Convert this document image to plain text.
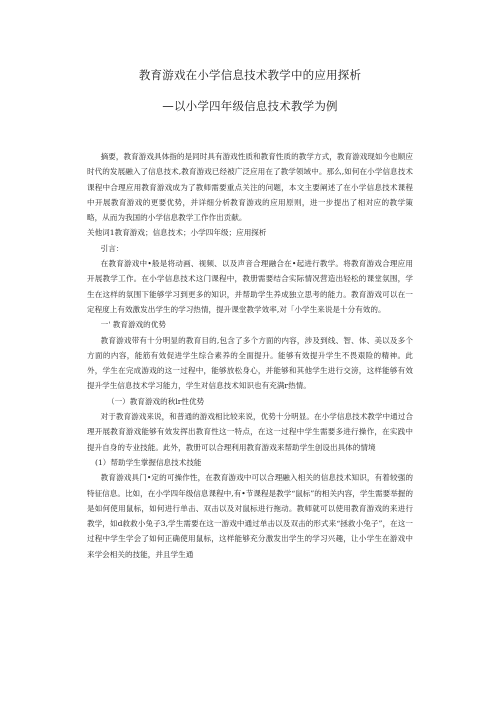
教育游戏在小学信息技术教学中的应用探析
—以小学四年级信息技术教学为例

摘要，教育游戏具体指的是同时具有游戏性质和教育性质的教学方式，教育游戏现如今也顺应时代的发展融入了信息技术,教育游戏已经被广泛应用在了教学领域中。那么,如何在小学信息技术课程中合理应用教育游戏成为了教师需要重点关注的问题，本文主要阐述了在小学信息技术课程中开展教育游戏的更要优势，并详细分析教育游戏的应用原则，进一步提出了相对应的教学策略，从而为我国的小学信息教学工作作出贡献。

关他词1教育游戏；信息技术；小学四年级；应用探析

引言：

在教育游戏中•般是将动画、视频、以及声音合理融合在•起进行教学。将教育游戏合理应用开展教学工作。在小学信息技术这门课程中，教册需要结合实际情况营造出轻松的课堂氛围，学生在这样的氛围下能够学习到更多的知识，并帮助学生养成独立思考的能力。教育游戏可以在一定程度上有效激发出学生的学习热情，提升课堂教学效率,对「小学生来说是十分有效的。

一' 教育游戏的优势

教育游戏带有十分明显的教育目的,包含了多个方面的内容，涉及到线、智、体、美以及多个方面的内容，能筋有效促进学生综合素养的全面提升。能够有效提升学生不畏艰险的精神。此外，学生在完成游戏的这一过程中，能够放松身心，并能够和其他学生进行交滂，这样能够有效提升学生信息技术学习能力，学生对信息技术知识也有充满r热情。

（一）教育游戏的秋lr性优势

对于教育游戏来说，和普通的游戏相比较来说，优势十分明显。在小学信息技术教学中通过合理开展教育游戏能够有效发挥出教育性这一特点，在这一过程中学生需要多进行操作，在实践中提升自身的专业技能。此外，教册可以合理利用教育游戏来帮助学生创设出具体的情境

(1）帮助学生掌握信息技术技能

教育游戏具门•定的可操作性，在教育游戏中可以合理融入相关的信息技术知识，有着较强的特征信息。比如，在小学四年级信息课程中,有•节课程是教学“鼠标”的相关内容，学生需要举握的是如何使用鼠标，如何进行单击、双击以及对鼠标进行拖动。教师就可以使用教育游戏的来进行教学，如d救救小兔子3,学生需要在这一游戏中通过单击以及双击的形式来“拯救小兔子”，在这一过程中学生学会了如何正确使用鼠标，这样能够充分激发出学生的学习兴趣，让小学生在游戏中来学会相关的技能，并且学生通
